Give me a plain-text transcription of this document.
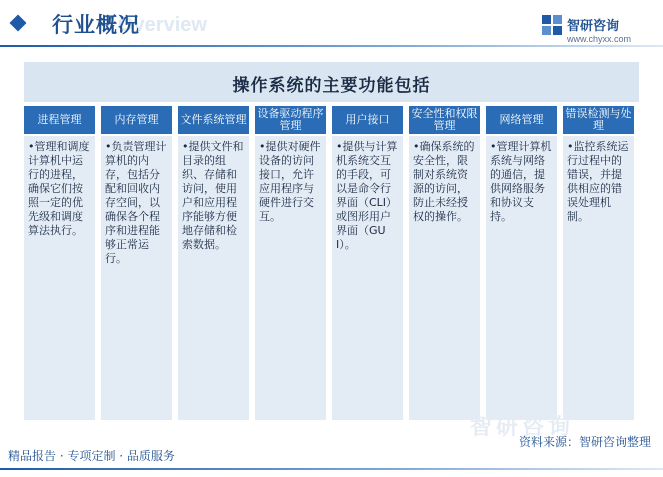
Overview
行业概况	智研咨询
www.chyxx.com
操作系统的主要功能包括
进程管理
•管理和调度计算机中运行的进程，确保它们按照一定的优先级和调度算法执行。
内存管理
•负责管理计算机的内存，包括分配和回收内存空间，以确保各个程序和进程能够正常运行。
文件系统管理
•提供文件和目录的组织、存储和访问，使用户和应用程序能够方便地存储和检索数据。
设备驱动程序管理
•提供对硬件设备的访问接口，允许应用程序与硬件进行交互。
用户接口
•提供与计算机系统交互的手段，可以是命令行界面（CLI）或图形用户界面（GUI）。
安全性和权限管理
•确保系统的安全性，限制对系统资源的访问，防止未经授权的操作。
网络管理
•管理计算机系统与网络的通信，提供网络服务和协议支持。
错误检测与处理
•监控系统运行过程中的错误，并提供相应的错误处理机制。
智研咨询
资料来源：智研咨询整理
精品报告 · 专项定制 · 品质服务
